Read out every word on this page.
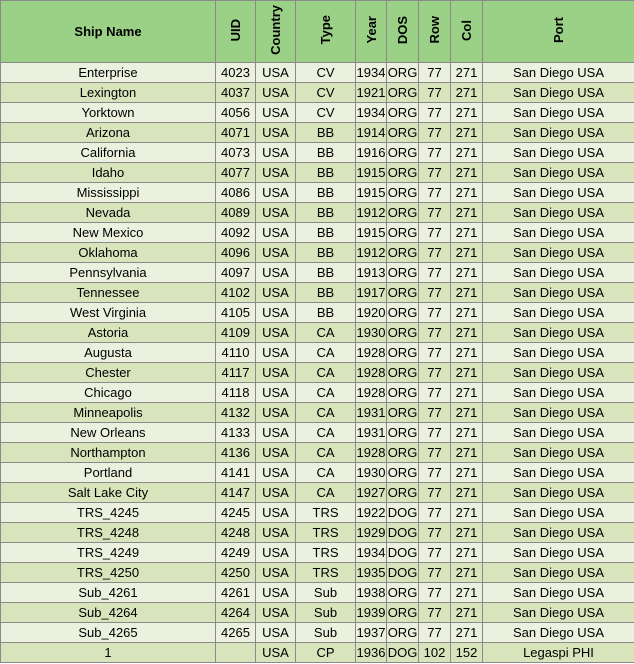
Ship Name	UID	Country	Type	Year	DOS	Row	Col	Port
Enterprise	4023	USA	CV	1934	ORG	77	271	San Diego USA
Lexington	4037	USA	CV	1921	ORG	77	271	San Diego USA
Yorktown	4056	USA	CV	1934	ORG	77	271	San Diego USA
Arizona	4071	USA	BB	1914	ORG	77	271	San Diego USA
California	4073	USA	BB	1916	ORG	77	271	San Diego USA
Idaho	4077	USA	BB	1915	ORG	77	271	San Diego USA
Mississippi	4086	USA	BB	1915	ORG	77	271	San Diego USA
Nevada	4089	USA	BB	1912	ORG	77	271	San Diego USA
New Mexico	4092	USA	BB	1915	ORG	77	271	San Diego USA
Oklahoma	4096	USA	BB	1912	ORG	77	271	San Diego USA
Pennsylvania	4097	USA	BB	1913	ORG	77	271	San Diego USA
Tennessee	4102	USA	BB	1917	ORG	77	271	San Diego USA
West Virginia	4105	USA	BB	1920	ORG	77	271	San Diego USA
Astoria	4109	USA	CA	1930	ORG	77	271	San Diego USA
Augusta	4110	USA	CA	1928	ORG	77	271	San Diego USA
Chester	4117	USA	CA	1928	ORG	77	271	San Diego USA
Chicago	4118	USA	CA	1928	ORG	77	271	San Diego USA
Minneapolis	4132	USA	CA	1931	ORG	77	271	San Diego USA
New Orleans	4133	USA	CA	1931	ORG	77	271	San Diego USA
Northampton	4136	USA	CA	1928	ORG	77	271	San Diego USA
Portland	4141	USA	CA	1930	ORG	77	271	San Diego USA
Salt Lake City	4147	USA	CA	1927	ORG	77	271	San Diego USA
TRS_4245	4245	USA	TRS	1922	DOG	77	271	San Diego USA
TRS_4248	4248	USA	TRS	1929	DOG	77	271	San Diego USA
TRS_4249	4249	USA	TRS	1934	DOG	77	271	San Diego USA
TRS_4250	4250	USA	TRS	1935	DOG	77	271	San Diego USA
Sub_4261	4261	USA	Sub	1938	ORG	77	271	San Diego USA
Sub_4264	4264	USA	Sub	1939	ORG	77	271	San Diego USA
Sub_4265	4265	USA	Sub	1937	ORG	77	271	San Diego USA
1		USA	CP	1936	DOG	102	152	Legaspi PHI
